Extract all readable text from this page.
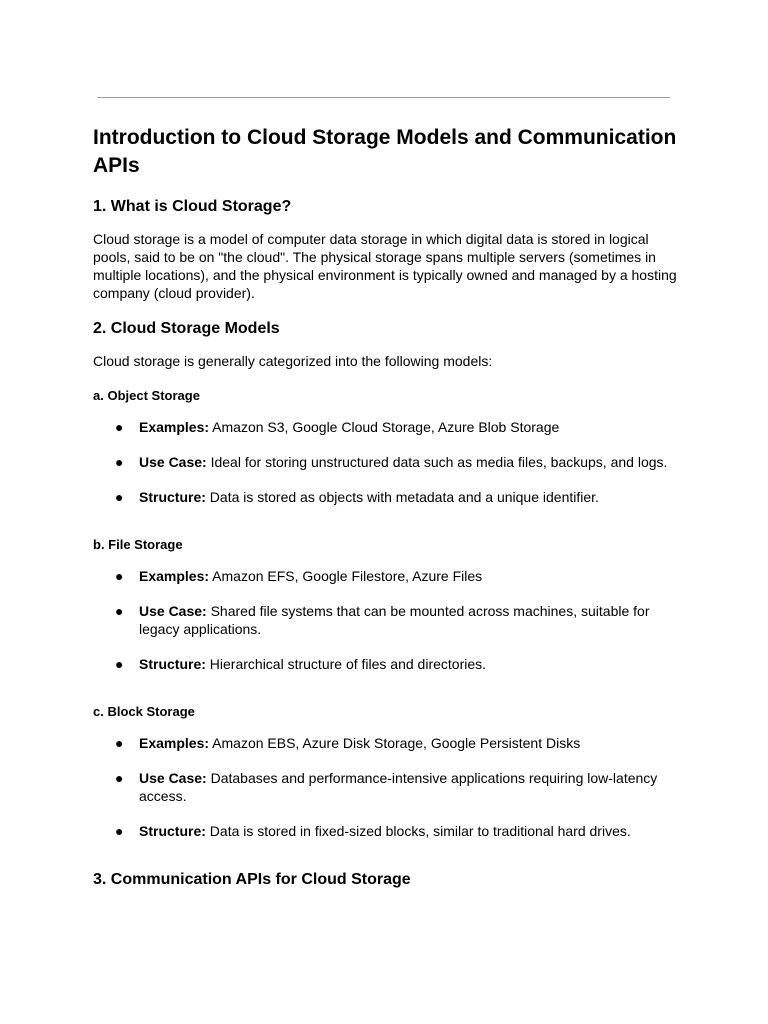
Introduction to Cloud Storage Models and Communication APIs
1. What is Cloud Storage?

Cloud storage is a model of computer data storage in which digital data is stored in logical pools, said to be on "the cloud". The physical storage spans multiple servers (sometimes in multiple locations), and the physical environment is typically owned and managed by a hosting company (cloud provider).

2. Cloud Storage Models

Cloud storage is generally categorized into the following models:

a. Object Storage
● Examples: Amazon S3, Google Cloud Storage, Azure Blob Storage
● Use Case: Ideal for storing unstructured data such as media files, backups, and logs.
● Structure: Data is stored as objects with metadata and a unique identifier.
b. File Storage
● Examples: Amazon EFS, Google Filestore, Azure Files
● Use Case: Shared file systems that can be mounted across machines, suitable for legacy applications.
● Structure: Hierarchical structure of files and directories.
c. Block Storage
● Examples: Amazon EBS, Azure Disk Storage, Google Persistent Disks
● Use Case: Databases and performance-intensive applications requiring low-latency access.
● Structure: Data is stored in fixed-sized blocks, similar to traditional hard drives.
3. Communication APIs for Cloud Storage
